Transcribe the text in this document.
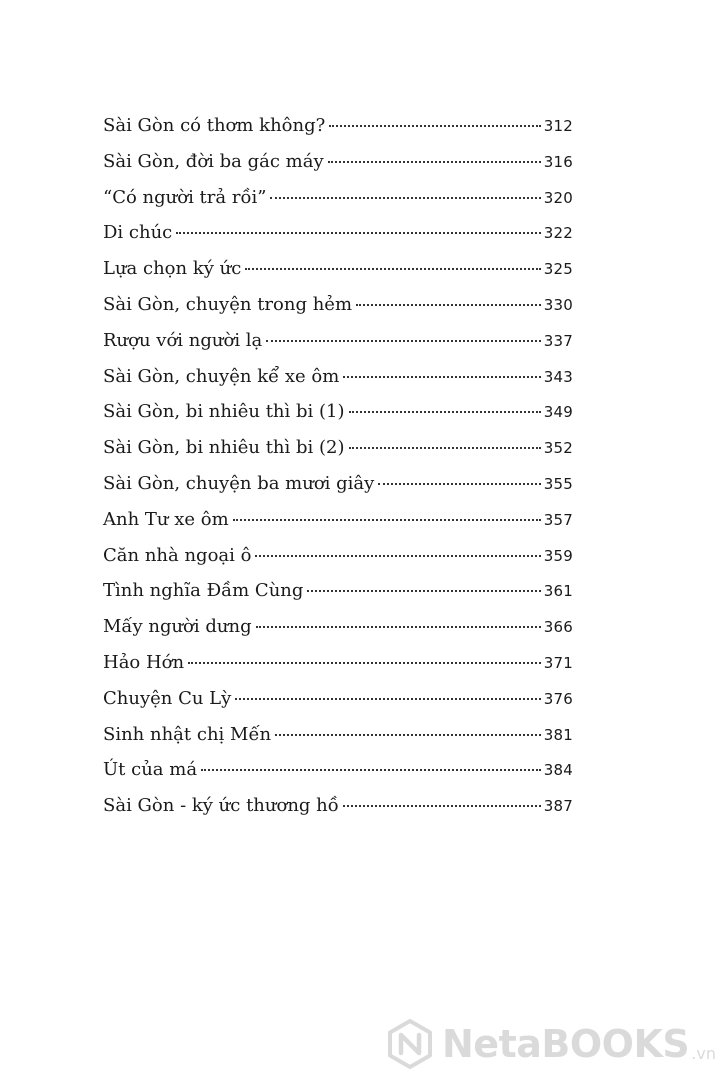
Sài Gòn có thơm không?	312
Sài Gòn, đời ba gác máy	316
“Có người trả rồi”	320
Di chúc	322
Lựa chọn ký ức	325
Sài Gòn, chuyện trong hẻm	330
Rượu với người lạ	337
Sài Gòn, chuyện kể xe ôm	343
Sài Gòn, bi nhiêu thì bi (1)	349
Sài Gòn, bi nhiêu thì bi (2)	352
Sài Gòn, chuyện ba mươi giây	355
Anh Tư xe ôm	357
Căn nhà ngoại ô	359
Tình nghĩa Đầm Cùng	361
Mấy người dưng	366
Hảo Hớn	371
Chuyện Cu Lỳ	376
Sinh nhật chị Mến	381
Út của má	384
Sài Gòn - ký ức thương hồ	387
NetaBOOKS .vn
